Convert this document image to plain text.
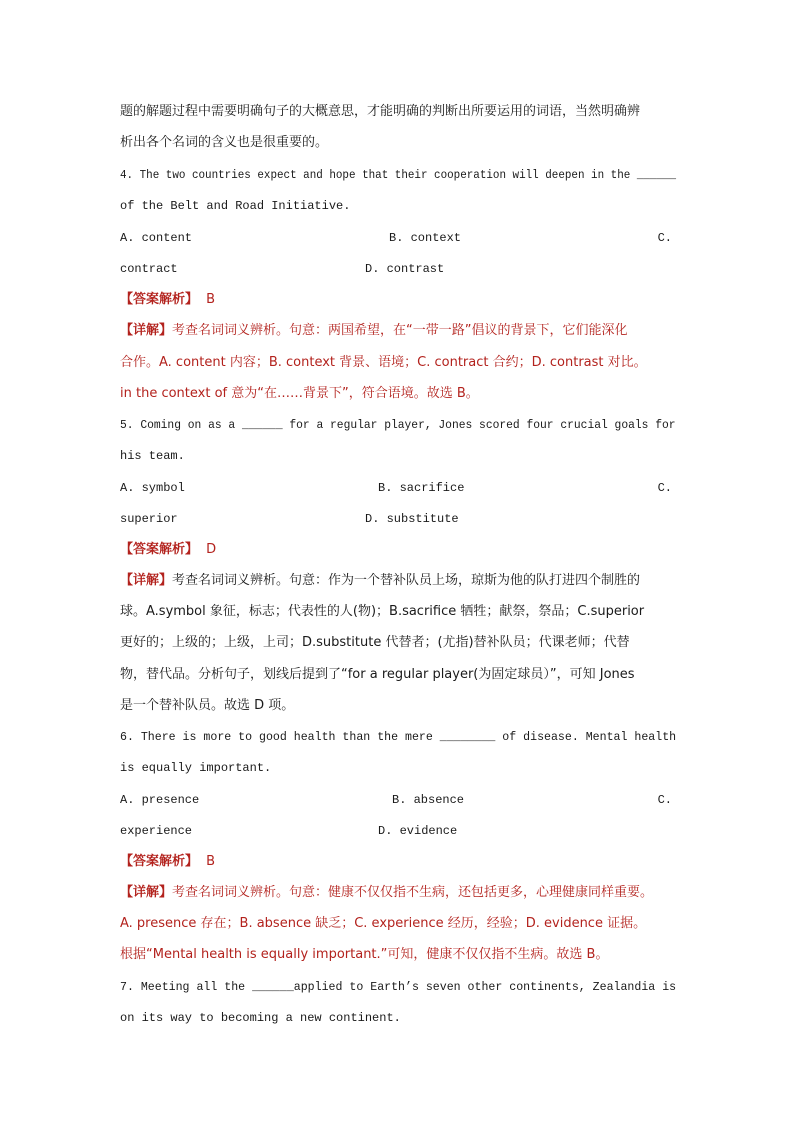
题的解题过程中需要明确句子的大概意思，才能明确的判断出所要运用的词语，当然明确辨
析出各个名词的含义也是很重要的。
4. The two countries expect and hope that their cooperation will deepen in the ______
of the Belt and Road Initiative.
A. content	B. context	C.
contract	D. contrast
【答案解析】 B
【详解】考查名词词义辨析。句意：两国希望，在“一带一路”倡议的背景下，它们能深化
合作。A. content 内容；B. context 背景、语境；C. contract 合约；D. contrast 对比。
in the context of 意为“在……背景下”，符合语境。故选 B。
5. Coming on as a ______ for a regular player, Jones scored four crucial goals for
his team.
A. symbol	B. sacrifice	C.
superior	D. substitute
【答案解析】 D
【详解】考查名词词义辨析。句意：作为一个替补队员上场，琼斯为他的队打进四个制胜的
球。A.symbol 象征，标志；代表性的人(物)；B.sacrifice 牺牲；献祭，祭品；C.superior
更好的；上级的；上级，上司；D.substitute 代替者；(尤指)替补队员；代课老师；代替
物，替代品。分析句子，划线后提到了“for a regular player(为固定球员）”，可知 Jones
是一个替补队员。故选 D 项。
6. There is more to good health than the mere ________ of disease. Mental health
is equally important.
A. presence	B. absence	C.
experience	D. evidence
【答案解析】 B
【详解】考查名词词义辨析。句意：健康不仅仅指不生病，还包括更多，心理健康同样重要。
A. presence 存在；B. absence 缺乏；C. experience 经历，经验；D. evidence 证据。
根据“Mental health is equally important.”可知，健康不仅仅指不生病。故选 B。
7. Meeting all the ______applied to Earth’s seven other continents, Zealandia is
on its way to becoming a new continent.
